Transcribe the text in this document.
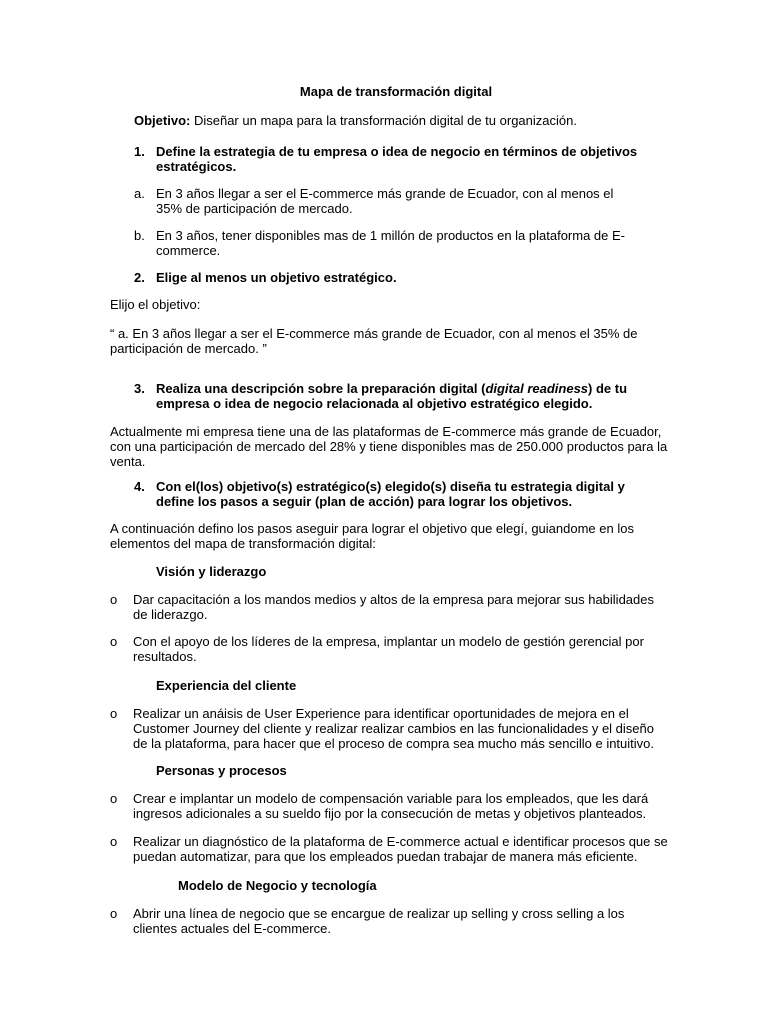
Mapa de transformación digital
Objetivo: Diseñar un mapa para la transformación digital de tu organización.
1. Define la estrategia de tu empresa o idea de negocio en términos de objetivos estratégicos.
a. En 3 años llegar a ser el E-commerce más grande de Ecuador, con al menos el 35% de participación de mercado.
b. En 3 años, tener disponibles mas de 1 millón de productos en la plataforma de E-commerce.
2. Elige al menos un objetivo estratégico.
Elijo el objetivo:
“ a. En 3 años llegar a ser el E-commerce más grande de Ecuador, con al menos el 35% de participación de mercado. ”
3. Realiza una descripción sobre la preparación digital (digital readiness) de tu empresa o idea de negocio relacionada al objetivo estratégico elegido.
Actualmente mi empresa tiene una de las plataformas de E-commerce más grande de Ecuador, con una participación de mercado del 28% y tiene disponibles mas de 250.000 productos para la venta.
4. Con el(los) objetivo(s) estratégico(s) elegido(s) diseña tu estrategia digital y define los pasos a seguir (plan de acción) para lograr los objetivos.
A continuación defino los pasos aseguir para lograr el objetivo que elegí, guiandome en los elementos del mapa de transformación digital:
Visión y liderazgo
o Dar capacitación a los mandos medios y altos de la empresa para mejorar sus habilidades de liderazgo.
o Con el apoyo de los líderes de la empresa, implantar un modelo de gestión gerencial por resultados.
Experiencia del cliente
o Realizar un anáisis de User Experience para identificar oportunidades de mejora en el Customer Journey del cliente y realizar realizar cambios en las funcionalidades y el diseño de la plataforma, para hacer que el proceso de compra sea mucho más sencillo e intuitivo.
Personas y procesos
o Crear e implantar un modelo de compensación variable para los empleados, que les dará ingresos adicionales a su sueldo fijo por la consecución de metas y objetivos planteados.
o Realizar un diagnóstico de la plataforma de E-commerce actual e identificar procesos que se puedan automatizar, para que los empleados puedan trabajar de manera más eficiente.
Modelo de Negocio y tecnología
o Abrir una línea de negocio que se encargue de realizar up selling y cross selling a los clientes actuales del E-commerce.
